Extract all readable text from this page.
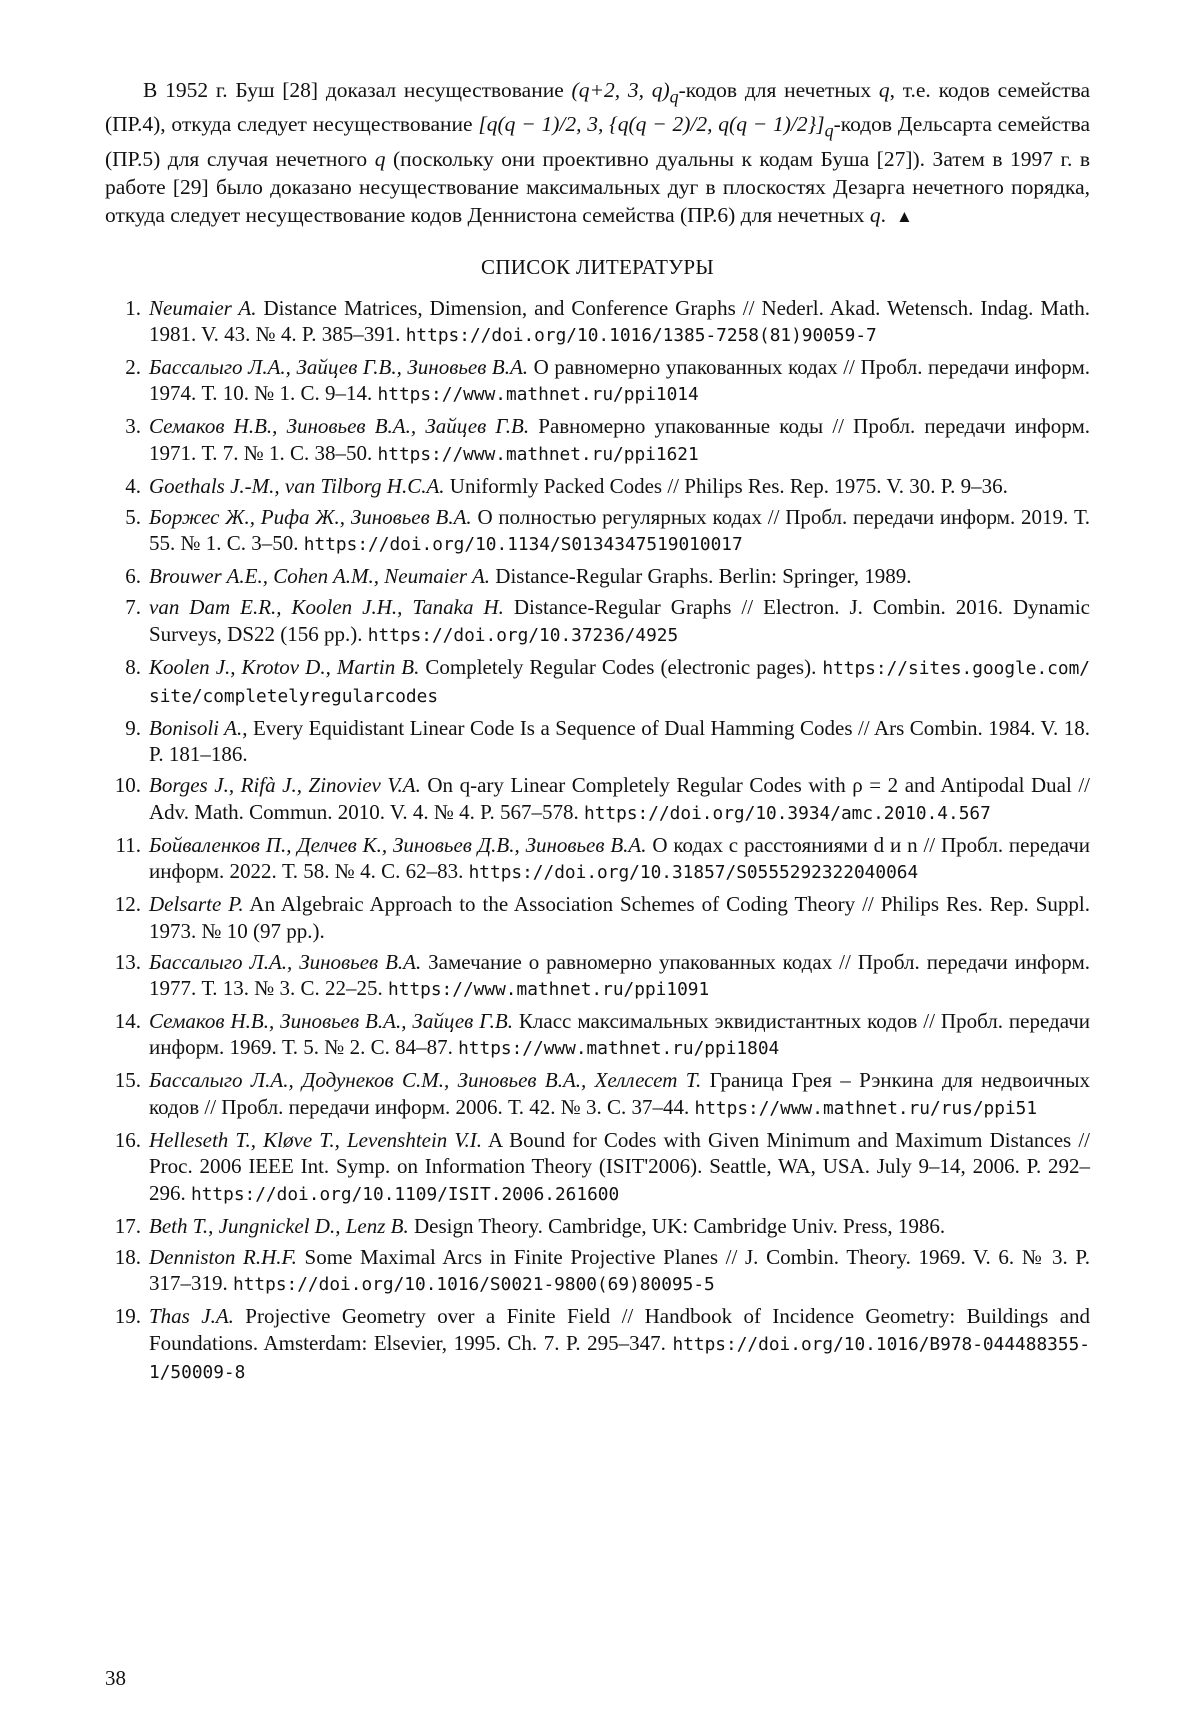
В 1952 г. Буш [28] доказал несуществование (q+2, 3, q)q-кодов для нечетных q, т.е. кодов семейства (ПР.4), откуда следует несуществование [q(q − 1)/2, 3, {q(q − 2)/2, q(q − 1)/2}]q-кодов Дельсарта семейства (ПР.5) для случая нечетного q (поскольку они проективно дуальны к кодам Буша [27]). Затем в 1997 г. в работе [29] было доказано несуществование максимальных дуг в плоскостях Дезарга нечетного порядка, откуда следует несуществование кодов Деннистона семейства (ПР.6) для нечетных q. ▲

СПИСОК ЛИТЕРАТУРЫ
1. Neumaier A. Distance Matrices, Dimension, and Conference Graphs // Nederl. Akad. Wetensch. Indag. Math. 1981. V. 43. № 4. P. 385–391. https://doi.org/10.1016/1385-7258(81)90059-7
2. Бассалыго Л.А., Зайцев Г.В., Зиновьев В.А. О равномерно упакованных кодах // Пробл. передачи информ. 1974. Т. 10. № 1. С. 9–14. https://www.mathnet.ru/ppi1014
3. Семаков Н.В., Зиновьев В.А., Зайцев Г.В. Равномерно упакованные коды // Пробл. передачи информ. 1971. Т. 7. № 1. С. 38–50. https://www.mathnet.ru/ppi1621
4. Goethals J.-M., van Tilborg H.C.A. Uniformly Packed Codes // Philips Res. Rep. 1975. V. 30. P. 9–36.
5. Боржес Ж., Рифа Ж., Зиновьев В.А. О полностью регулярных кодах // Пробл. передачи информ. 2019. Т. 55. № 1. С. 3–50. https://doi.org/10.1134/S0134347519010017
6. Brouwer A.E., Cohen A.M., Neumaier A. Distance-Regular Graphs. Berlin: Springer, 1989.
7. van Dam E.R., Koolen J.H., Tanaka H. Distance-Regular Graphs // Electron. J. Combin. 2016. Dynamic Surveys, DS22 (156 pp.). https://doi.org/10.37236/4925
8. Koolen J., Krotov D., Martin B. Completely Regular Codes (electronic pages). https://sites.google.com/site/completelyregularcodes
9. Bonisoli A., Every Equidistant Linear Code Is a Sequence of Dual Hamming Codes // Ars Combin. 1984. V. 18. P. 181–186.
10. Borges J., Rifà J., Zinoviev V.A. On q-ary Linear Completely Regular Codes with ρ = 2 and Antipodal Dual // Adv. Math. Commun. 2010. V. 4. № 4. P. 567–578. https://doi.org/10.3934/amc.2010.4.567
11. Бойваленков П., Делчев К., Зиновьев Д.В., Зиновьев В.А. О кодах с расстояниями d и n // Пробл. передачи информ. 2022. Т. 58. № 4. С. 62–83. https://doi.org/10.31857/S0555292322040064
12. Delsarte P. An Algebraic Approach to the Association Schemes of Coding Theory // Philips Res. Rep. Suppl. 1973. № 10 (97 pp.).
13. Бассалыго Л.А., Зиновьев В.А. Замечание о равномерно упакованных кодах // Пробл. передачи информ. 1977. Т. 13. № 3. С. 22–25. https://www.mathnet.ru/ppi1091
14. Семаков Н.В., Зиновьев В.А., Зайцев Г.В. Класс максимальных эквидистантных кодов // Пробл. передачи информ. 1969. Т. 5. № 2. С. 84–87. https://www.mathnet.ru/ppi1804
15. Бассалыго Л.А., Додунеков С.М., Зиновьев В.А., Хеллесет Т. Граница Грея – Рэнкина для недвоичных кодов // Пробл. передачи информ. 2006. Т. 42. № 3. С. 37–44. https://www.mathnet.ru/rus/ppi51
16. Helleseth T., Kløve T., Levenshtein V.I. A Bound for Codes with Given Minimum and Maximum Distances // Proc. 2006 IEEE Int. Symp. on Information Theory (ISIT'2006). Seattle, WA, USA. July 9–14, 2006. P. 292–296. https://doi.org/10.1109/ISIT.2006.261600
17. Beth T., Jungnickel D., Lenz B. Design Theory. Cambridge, UK: Cambridge Univ. Press, 1986.
18. Denniston R.H.F. Some Maximal Arcs in Finite Projective Planes // J. Combin. Theory. 1969. V. 6. № 3. P. 317–319. https://doi.org/10.1016/S0021-9800(69)80095-5
19. Thas J.A. Projective Geometry over a Finite Field // Handbook of Incidence Geometry: Buildings and Foundations. Amsterdam: Elsevier, 1995. Ch. 7. P. 295–347. https://doi.org/10.1016/B978-044488355-1/50009-8
38
